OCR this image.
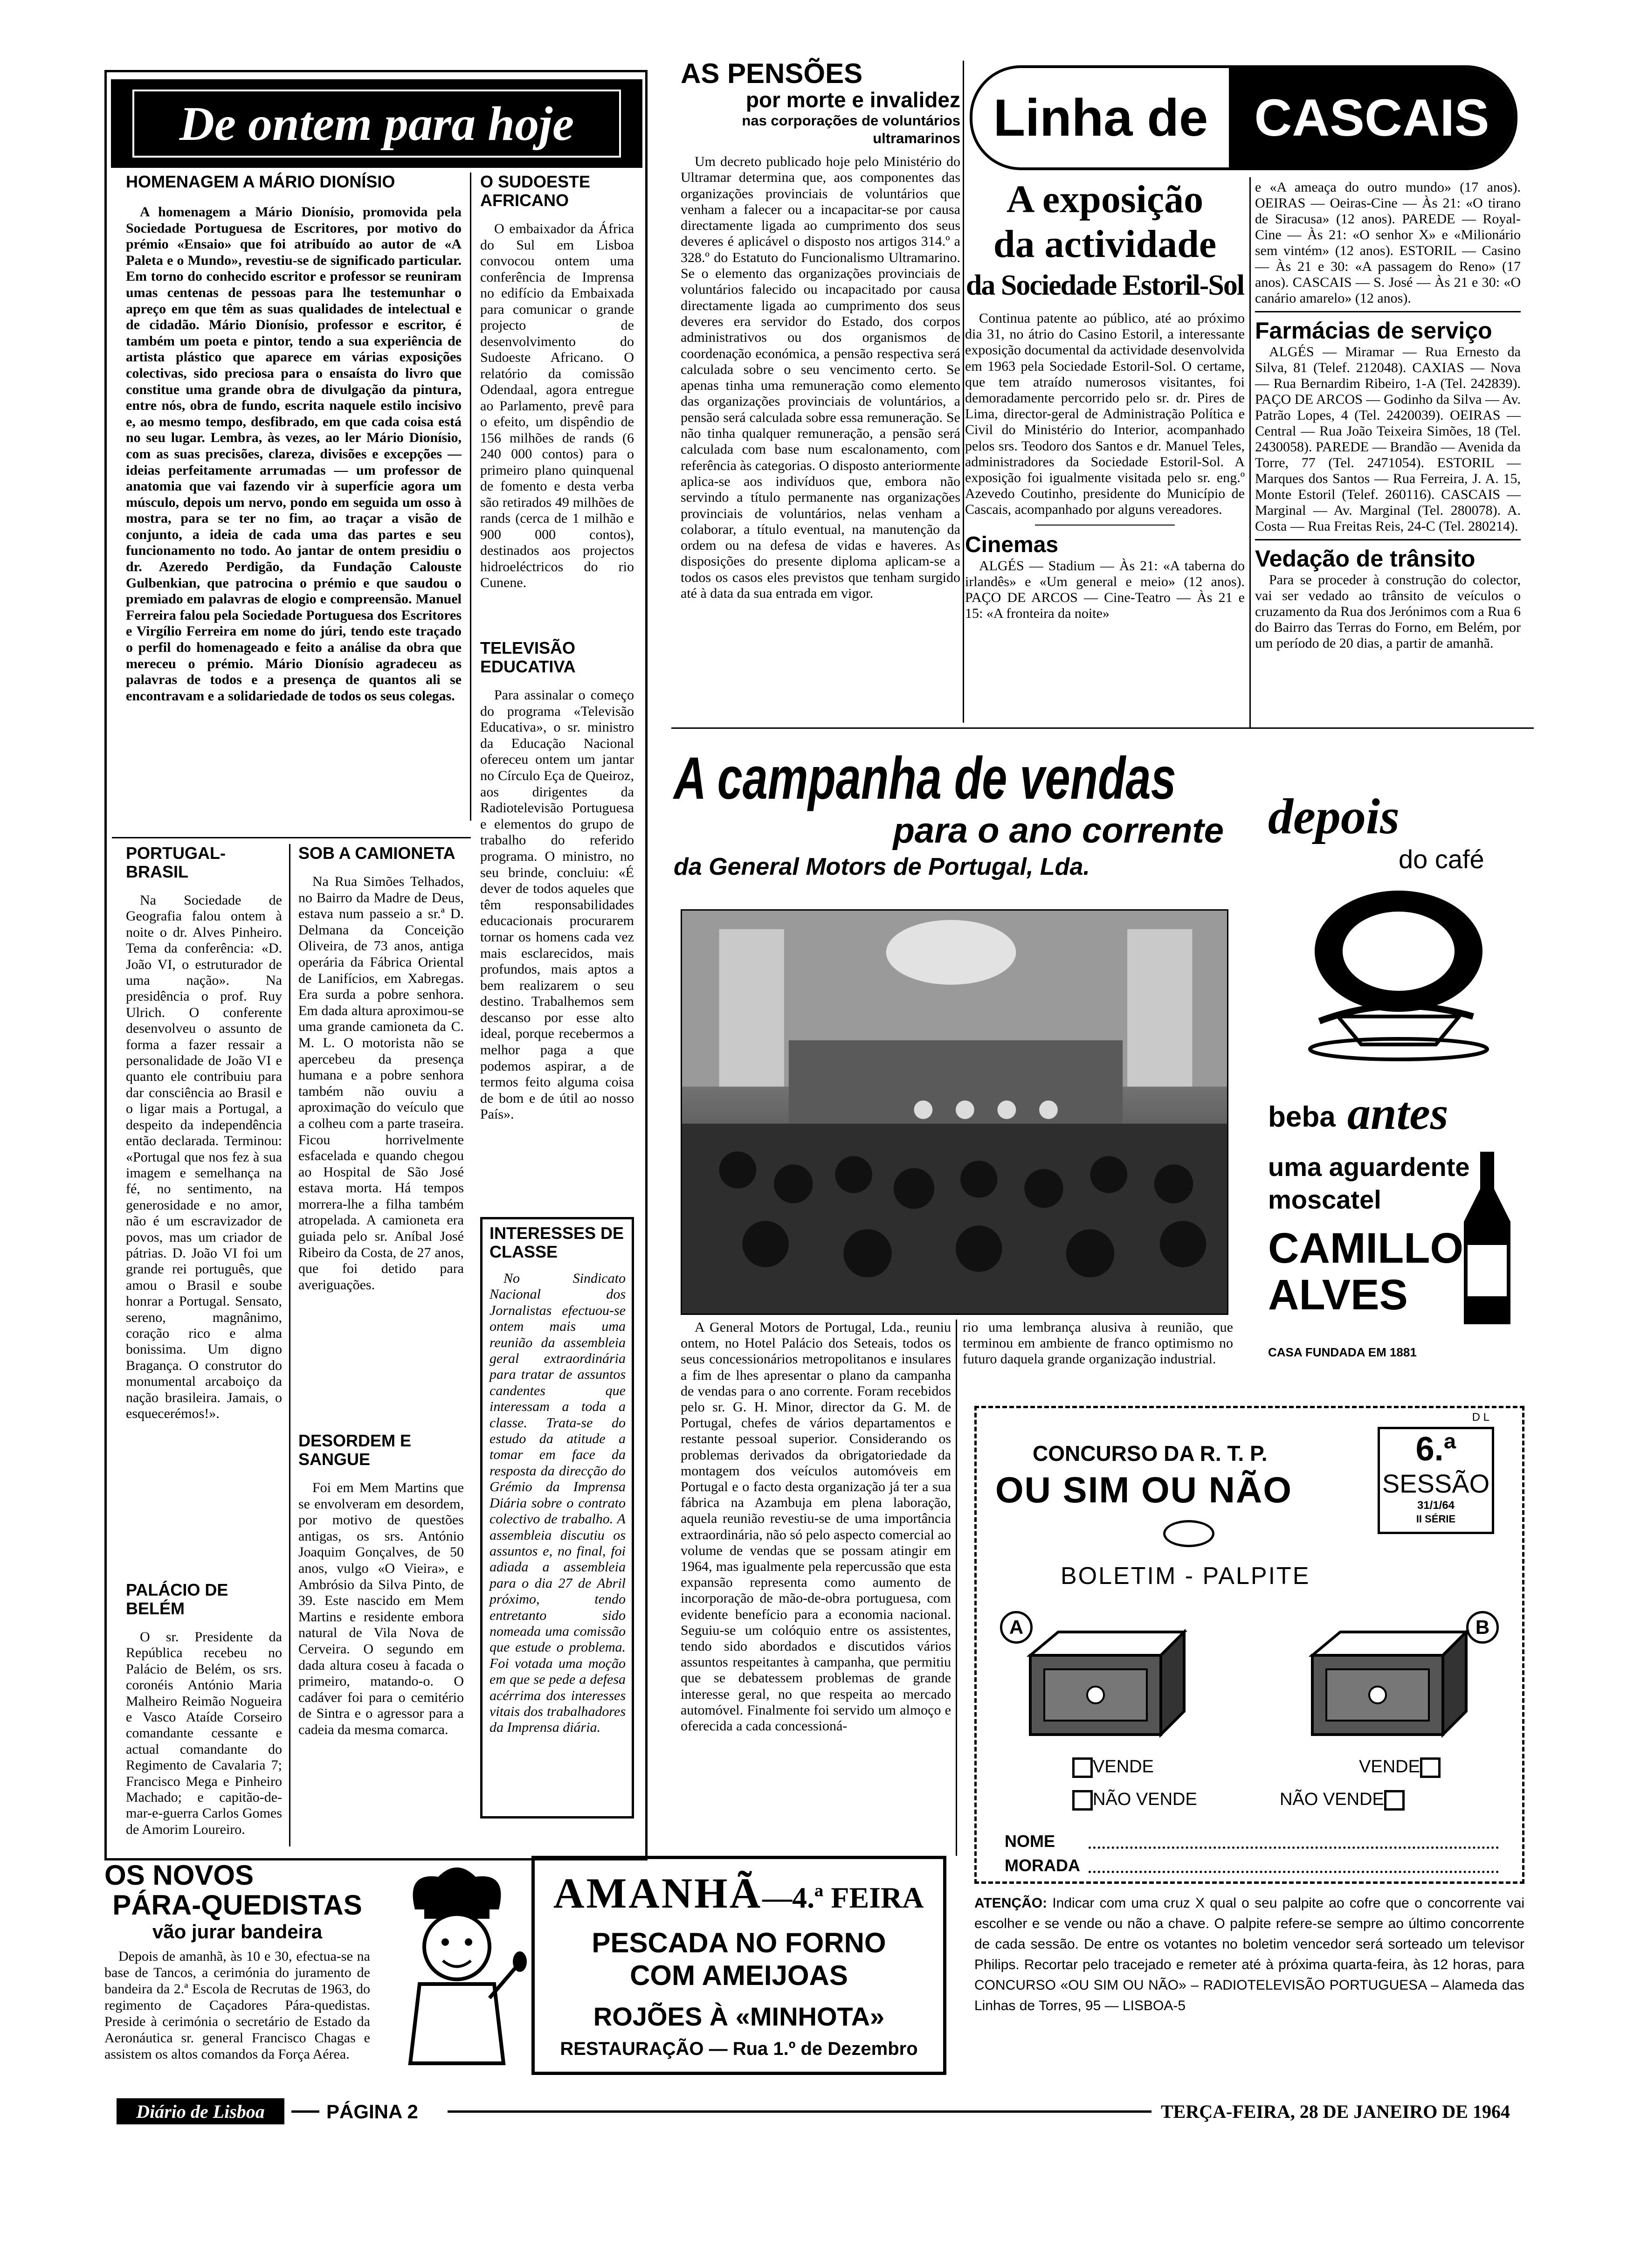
De ontem para hoje
HOMENAGEM A MÁRIO DIONÍSIO

A homenagem a Mário Dionísio, promovida pela Sociedade Portuguesa de Escritores, por motivo do prémio «Ensaio» que foi atribuído ao autor de «A Paleta e o Mundo», revestiu-se de significado particular. Em torno do conhecido escritor e professor se reuniram umas centenas de pessoas para lhe testemunhar o apreço em que têm as suas qualidades de intelectual e de cidadão. Mário Dionísio, professor e escritor, é também um poeta e pintor, tendo a sua experiência de artista plástico que aparece em várias exposições colectivas, sido preciosa para o ensaísta do livro que constitue uma grande obra de divulgação da pintura, entre nós, obra de fundo, escrita naquele estilo incisivo e, ao mesmo tempo, desfibrado, em que cada coisa está no seu lugar. Lembra, às vezes, ao ler Mário Dionísio, com as suas precisões, clareza, divisões e excepções — ideias perfeitamente arrumadas — um professor de anatomia que vai fazendo vir à superfície agora um músculo, depois um nervo, pondo em seguida um osso à mostra, para se ter no fim, ao traçar a visão de conjunto, a ideia de cada uma das partes e seu funcionamento no todo. Ao jantar de ontem presidiu o dr. Azeredo Perdigão, da Fundação Calouste Gulbenkian, que patrocina o prémio e que saudou o premiado em palavras de elogio e compreensão. Manuel Ferreira falou pela Sociedade Portuguesa dos Escritores e Virgílio Ferreira em nome do júri, tendo este traçado o perfil do homenageado e feito a análise da obra que mereceu o prémio. Mário Dionísio agradeceu as palavras de todos e a presença de quantos ali se encontravam e a solidariedade de todos os seus colegas.

O SUDOESTE AFRICANO

O embaixador da África do Sul em Lisboa convocou ontem uma conferência de Imprensa no edifício da Embaixada para comunicar o grande projecto de desenvolvimento do Sudoeste Africano. O relatório da comissão Odendaal, agora entregue ao Parlamento, prevê para o efeito, um dispêndio de 156 milhões de rands (6 240 000 contos) para o primeiro plano quinquenal de fomento e desta verba são retirados 49 milhões de rands (cerca de 1 milhão e 900 000 contos), destinados aos projectos hidroeléctricos do rio Cunene.

TELEVISÃO EDUCATIVA

Para assinalar o começo do programa «Televisão Educativa», o sr. ministro da Educação Nacional ofereceu ontem um jantar no Círculo Eça de Queiroz, aos dirigentes da Radiotelevisão Portuguesa e elementos do grupo de trabalho do referido programa. O ministro, no seu brinde, concluiu: «É dever de todos aqueles que têm responsabilidades educacionais procurarem tornar os homens cada vez mais esclarecidos, mais profundos, mais aptos a bem realizarem o seu destino. Trabalhemos sem descanso por esse alto ideal, porque recebermos a melhor paga a que podemos aspirar, a de termos feito alguma coisa de bom e de útil ao nosso País».

PORTUGAL-BRASIL

Na Sociedade de Geografia falou ontem à noite o dr. Alves Pinheiro. Tema da conferência: «D. João VI, o estruturador de uma nação». Na presidência o prof. Ruy Ulrich. O conferente desenvolveu o assunto de forma a fazer ressair a personalidade de João VI e quanto ele contribuiu para dar consciência ao Brasil e o ligar mais a Portugal, a despeito da independência então declarada. Terminou: «Portugal que nos fez à sua imagem e semelhança na fé, no sentimento, na generosidade e no amor, não é um escravizador de povos, mas um criador de pátrias. D. João VI foi um grande rei português, que amou o Brasil e soube honrar a Portugal. Sensato, sereno, magnânimo, coração rico e alma bonissima. Um digno Bragança. O construtor do monumental arcaboiço da nação brasileira. Jamais, o esquecerémos!».

SOB A CAMIONETA

Na Rua Simões Telhados, no Bairro da Madre de Deus, estava num passeio a sr.ª D. Delmana da Conceição Oliveira, de 73 anos, antiga operária da Fábrica Oriental de Lanifícios, em Xabregas. Era surda a pobre senhora. Em dada altura aproximou-se uma grande camioneta da C. M. L. O motorista não se apercebeu da presença humana e a pobre senhora também não ouviu a aproximação do veículo que a colheu com a parte traseira. Ficou horrivelmente esfacelada e quando chegou ao Hospital de São José estava morta. Há tempos morrera-lhe a filha também atropelada. A camioneta era guiada pelo sr. Aníbal José Ribeiro da Costa, de 27 anos, que foi detido para averiguações.

INTERESSES DE CLASSE

No Sindicato Nacional dos Jornalistas efectuou-se ontem mais uma reunião da assembleia geral extraordinária para tratar de assuntos candentes que interessam a toda a classe. Trata-se do estudo da atitude a tomar em face da resposta da direcção do Grémio da Imprensa Diária sobre o contrato colectivo de trabalho. A assembleia discutiu os assuntos e, no final, foi adiada a assembleia para o dia 27 de Abril próximo, tendo entretanto sido nomeada uma comissão que estude o problema. Foi votada uma moção em que se pede a defesa acérrima dos interesses vitais dos trabalhadores da Imprensa diária.

DESORDEM E SANGUE

Foi em Mem Martins que se envolveram em desordem, por motivo de questões antigas, os srs. António Joaquim Gonçalves, de 50 anos, vulgo «O Vieira», e Ambrósio da Silva Pinto, de 39. Este nascido em Mem Martins e residente embora natural de Vila Nova de Cerveira. O segundo em dada altura coseu à facada o primeiro, matando-o. O cadáver foi para o cemitério de Sintra e o agressor para a cadeia da mesma comarca.

PALÁCIO DE BELÉM

O sr. Presidente da República recebeu no Palácio de Belém, os srs. coronéis António Maria Malheiro Reimão Nogueira e Vasco Ataíde Corseiro comandante cessante e actual comandante do Regimento de Cavalaria 7; Francisco Mega e Pinheiro Machado; e capitão-de-mar-e-guerra Carlos Gomes de Amorim Loureiro.

AS PENSÕES
por morte e invalidez
nas corporações de voluntários ultramarinos

Um decreto publicado hoje pelo Ministério do Ultramar determina que, aos componentes das organizações provinciais de voluntários que venham a falecer ou a incapacitar-se por causa directamente ligada ao cumprimento dos seus deveres é aplicável o disposto nos artigos 314.º a 328.º do Estatuto do Funcionalismo Ultramarino. Se o elemento das organizações provinciais de voluntários falecido ou incapacitado por causa directamente ligada ao cumprimento dos seus deveres era servidor do Estado, dos corpos administrativos ou dos organismos de coordenação económica, a pensão respectiva será calculada sobre o seu vencimento certo. Se apenas tinha uma remuneração como elemento das organizações provinciais de voluntários, a pensão será calculada sobre essa remuneração. Se não tinha qualquer remuneração, a pensão será calculada com base num escalonamento, com referência às categorias. O disposto anteriormente aplica-se aos indivíduos que, embora não servindo a título permanente nas organizações provinciais de voluntários, nelas venham a colaborar, a título eventual, na manutenção da ordem ou na defesa de vidas e haveres. As disposições do presente diploma aplicam-se a todos os casos eles previstos que tenham surgido até à data da sua entrada em vigor.

Linha de CASCAIS
A exposição
da actividade
da Sociedade Estoril-Sol

Continua patente ao público, até ao próximo dia 31, no átrio do Casino Estoril, a interessante exposição documental da actividade desenvolvida em 1963 pela Sociedade Estoril-Sol. O certame, que tem atraído numerosos visitantes, foi demoradamente percorrido pelo sr. dr. Pires de Lima, director-geral de Administração Política e Civil do Ministério do Interior, acompanhado pelos srs. Teodoro dos Santos e dr. Manuel Teles, administradores da Sociedade Estoril-Sol. A exposição foi igualmente visitada pelo sr. eng.º Azevedo Coutinho, presidente do Município de Cascais, acompanhado por alguns vereadores.

Cinemas

ALGÉS — Stadium — Às 21: «A taberna do irlandês» e «Um general e meio» (12 anos). PAÇO DE ARCOS — Cine-Teatro — Às 21 e 15: «A fronteira da noite»

e «A ameaça do outro mundo» (17 anos). OEIRAS — Oeiras-Cine — Às 21: «O tirano de Siracusa» (12 anos). PAREDE — Royal-Cine — Às 21: «O senhor X» e «Milionário sem vintém» (12 anos). ESTORIL — Casino — Às 21 e 30: «A passagem do Reno» (17 anos). CASCAIS — S. José — Às 21 e 30: «O canário amarelo» (12 anos).

Farmácias de serviço

ALGÉS — Miramar — Rua Ernesto da Silva, 81 (Telef. 212048). CAXIAS — Nova — Rua Bernardim Ribeiro, 1-A (Tel. 242839). PAÇO DE ARCOS — Godinho da Silva — Av. Patrão Lopes, 4 (Tel. 2420039). OEIRAS — Central — Rua João Teixeira Simões, 18 (Tel. 2430058). PAREDE — Brandão — Avenida da Torre, 77 (Tel. 2471054). ESTORIL — Marques dos Santos — Rua Ferreira, J. A. 15, Monte Estoril (Telef. 260116). CASCAIS — Marginal — Av. Marginal (Tel. 280078). A. Costa — Rua Freitas Reis, 24-C (Tel. 280214).

Vedação de trânsito

Para se proceder à construção do colector, vai ser vedado ao trânsito de veículos o cruzamento da Rua dos Jerónimos com a Rua 6 do Bairro das Terras do Forno, em Belém, por um período de 20 dias, a partir de amanhã.

A campanha de vendas
para o ano corrente
da General Motors de Portugal, Lda.

A General Motors de Portugal, Lda., reuniu ontem, no Hotel Palácio dos Seteais, todos os seus concessionários metropolitanos e insulares a fim de lhes apresentar o plano da campanha de vendas para o ano corrente. Foram recebidos pelo sr. G. H. Minor, director da G. M. de Portugal, chefes de vários departamentos e restante pessoal superior. Considerando os problemas derivados da obrigatoriedade da montagem dos veículos automóveis em Portugal e o facto desta organização já ter a sua fábrica na Azambuja em plena laboração, aquela reunião revestiu-se de uma importância extraordinária, não só pelo aspecto comercial ao volume de vendas que se possam atingir em 1964, mas igualmente pela repercussão que esta expansão representa como aumento de incorporação de mão-de-obra portuguesa, com evidente benefício para a economia nacional. Seguiu-se um colóquio entre os assistentes, tendo sido abordados e discutidos vários assuntos respeitantes à campanha, que permitiu que se debatessem problemas de grande interesse geral, no que respeita ao mercado automóvel. Finalmente foi servido um almoço e oferecida a cada concessioná-

rio uma lembrança alusiva à reunião, que terminou em ambiente de franco optimismo no futuro daquela grande organização industrial.

depois
do café
beba antes
uma aguardente
moscatel
CAMILLO
ALVES
CASA FUNDADA EM 1881
D L
CONCURSO DA R. T. P.
OU SIM OU NÃO
6.ª
SESSÃO
31/1/64
II SÉRIE
BOLETIM - PALPITE
A	B
VENDE
NÃO VENDE
VENDE
NÃO VENDE
NOME
MORADA
ATENÇÃO: Indicar com uma cruz X qual o seu palpite ao cofre que o concorrente vai escolher e se vende ou não a chave. O palpite refere-se sempre ao último concorrente de cada sessão. De entre os votantes no boletim vencedor será sorteado um televisor Philips. Recortar pelo tracejado e remeter até à próxima quarta-feira, às 12 horas, para CONCURSO «OU SIM OU NÃO» – RADIOTELEVISÃO PORTUGUESA – Alameda das Linhas de Torres, 95 — LISBOA-5
OS NOVOS
PÁRA-QUEDISTAS
vão jurar bandeira

Depois de amanhã, às 10 e 30, efectua-se na base de Tancos, a cerimónia do juramento de bandeira da 2.ª Escola de Recrutas de 1963, do regimento de Caçadores Pára-quedistas. Preside à cerimónia o secretário de Estado da Aeronáutica sr. general Francisco Chagas e assistem os altos comandos da Força Aérea.

AMANHÃ—4.ª FEIRA
PESCADA NO FORNO
COM AMEIJOAS
ROJÕES À «MINHOTA»
RESTAURAÇÃO — Rua 1.º de Dezembro
Diário de Lisboa	PÁGINA 2	TERÇA-FEIRA, 28 DE JANEIRO DE 1964
